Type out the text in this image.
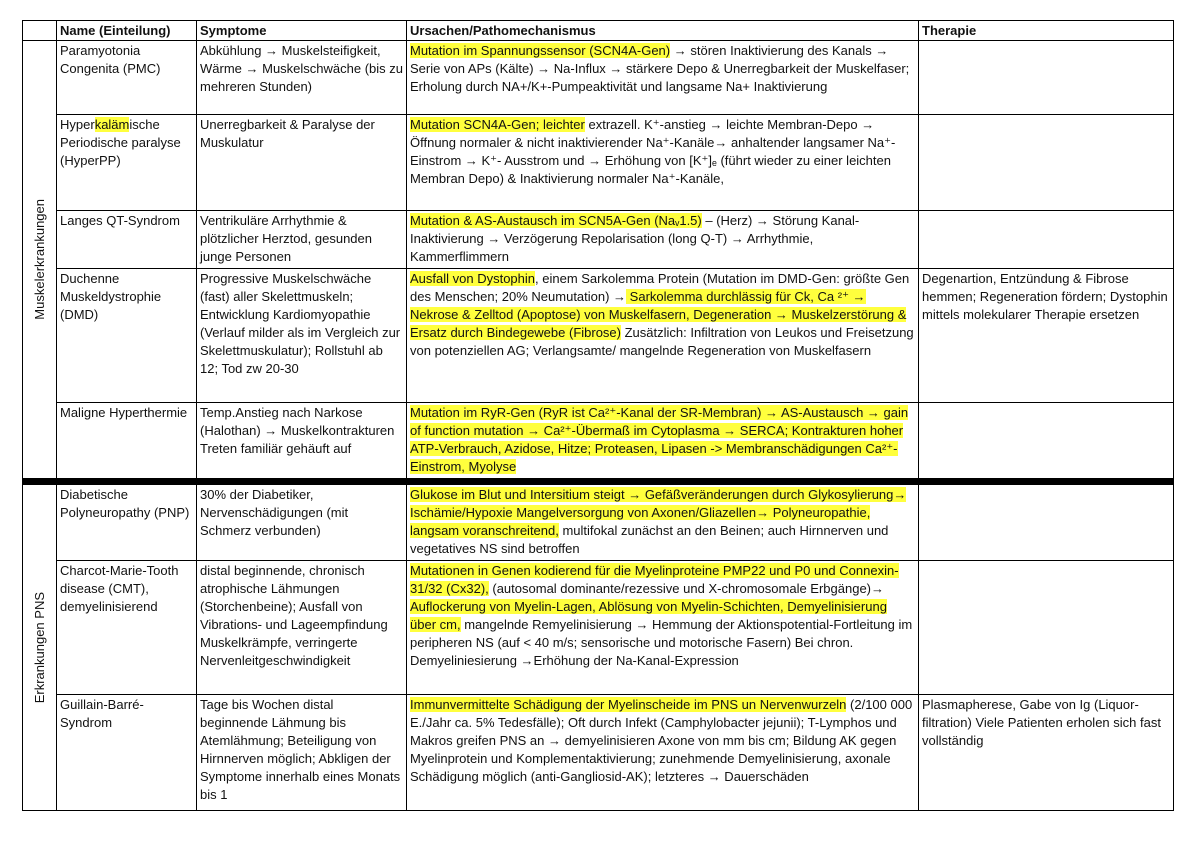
	Name (Einteilung)	Symptome	Ursachen/Pathomechanismus	Therapie

Muskelerkrankungen	Paramyotonia Congenita (PMC)	Abkühlung → Muskelsteifigkeit, Wärme → Muskelschwäche (bis zu mehreren Stunden)	Mutation im Spannungssensor (SCN4A-Gen) → stören Inaktivierung des Kanals → Serie von APs (Kälte) → Na-Influx → stärkere Depo & Unerregbarkeit der Muskelfaser; Erholung durch NA+/K+-Pumpeaktivität und langsame Na+ Inaktivierung	
	Hyperkalämische Periodische paralyse (HyperPP)	Unerregbarkeit & Paralyse der Muskulatur	Mutation SCN4A-Gen; leichter extrazell. K⁺-anstieg → leichte Membran-Depo → Öffnung normaler & nicht inaktivierender Na⁺-Kanäle→ anhaltender langsamer Na⁺-Einstrom → K⁺- Ausstrom und → Erhöhung von [K⁺]ₑ (führt wieder zu einer leichten Membran Depo) & Inaktivierung normaler Na⁺-Kanäle,	
	Langes QT-Syndrom	Ventrikuläre Arrhythmie & plötzlicher Herztod, gesunden junge Personen	Mutation & AS-Austausch im SCN5A-Gen (Naᵥ1.5) – (Herz) → Störung Kanal-Inaktivierung → Verzögerung Repolarisation (long Q-T) → Arrhythmie, Kammerflimmern	
	Duchenne Muskeldystrophie (DMD)	Progressive Muskelschwäche (fast) aller Skelettmuskeln; Entwicklung Kardiomyopathie (Verlauf milder als im Vergleich zur Skelettmuskulatur); Rollstuhl ab 12; Tod zw 20-30	Ausfall von Dystophin, einem Sarkolemma Protein (Mutation im DMD-Gen: größte Gen des Menschen; 20% Neumutation) → Sarkolemma durchlässig für Ck, Ca ²⁺ → Nekrose & Zelltod (Apoptose) von Muskelfasern, Degeneration → Muskelzerstörung & Ersatz durch Bindegewebe (Fibrose) Zusätzlich: Infiltration von Leukos und Freisetzung von potenziellen AG; Verlangsamte/ mangelnde Regeneration von Muskelfasern	Degenartion, Entzündung & Fibrose hemmen; Regeneration fördern; Dystophin mittels molekularer Therapie ersetzen
	Maligne Hyperthermie	Temp.Anstieg nach Narkose (Halothan) → Muskelkontrakturen Treten familiär gehäuft auf	Mutation im RyR-Gen (RyR ist Ca²⁺-Kanal der SR-Membran) → AS-Austausch → gain of function mutation → Ca²⁺-Übermaß im Cytoplasma → SERCA; Kontrakturen hoher ATP-Verbrauch, Azidose, Hitze; Proteasen, Lipasen -> Membranschädigungen Ca²⁺-Einstrom, Myolyse	

Erkrankungen PNS	Diabetische Polyneuropathy (PNP)	30% der Diabetiker, Nervenschädigungen (mit Schmerz verbunden)	Glukose im Blut und Intersitium steigt → Gefäßveränderungen durch Glykosylierung→ Ischämie/Hypoxie Mangelversorgung von Axonen/Gliazellen→ Polyneuropathie, langsam voranschreitend, multifokal zunächst an den Beinen; auch Hirnnerven und vegetatives NS sind betroffen	
	Charcot-Marie-Tooth disease (CMT), demyelinisierend	distal beginnende, chronisch atrophische Lähmungen (Storchenbeine); Ausfall von Vibrations- und Lageempfindung Muskelkrämpfe, verringerte Nervenleitgeschwindigkeit	Mutationen in Genen kodierend für die Myelinproteine PMP22 und P0 und Connexin-31/32 (Cx32), (autosomal dominante/rezessive und X-chromosomale Erbgänge)→ Auflockerung von Myelin-Lagen, Ablösung von Myelin-Schichten, Demyelinisierung über cm, mangelnde Remyelinisierung → Hemmung der Aktionspotential-Fortleitung im peripheren NS (auf < 40 m/s; sensorische und motorische Fasern) Bei chron. Demyeliniesierung →Erhöhung der Na-Kanal-Expression	
	Guillain-Barré-Syndrom	Tage bis Wochen distal beginnende Lähmung bis Atemlähmung; Beteiligung von Hirnnerven möglich; Abkligen der Symptome innerhalb eines Monats bis 1	Immunvermittelte Schädigung der Myelinscheide im PNS un Nervenwurzeln (2/100 000 E./Jahr ca. 5% Tedesfälle); Oft durch Infekt (Camphylobacter jejunii); T-Lymphos und Makros greifen PNS an → demyelinisieren Axone von mm bis cm; Bildung AK gegen Myelinprotein und Komplementaktivierung; zunehmende Demyelinisierung, axonale Schädigung möglich (anti-Gangliosid-AK); letzteres → Dauerschäden	Plasmapherese, Gabe von Ig (Liquor-filtration) Viele Patienten erholen sich fast vollständig
